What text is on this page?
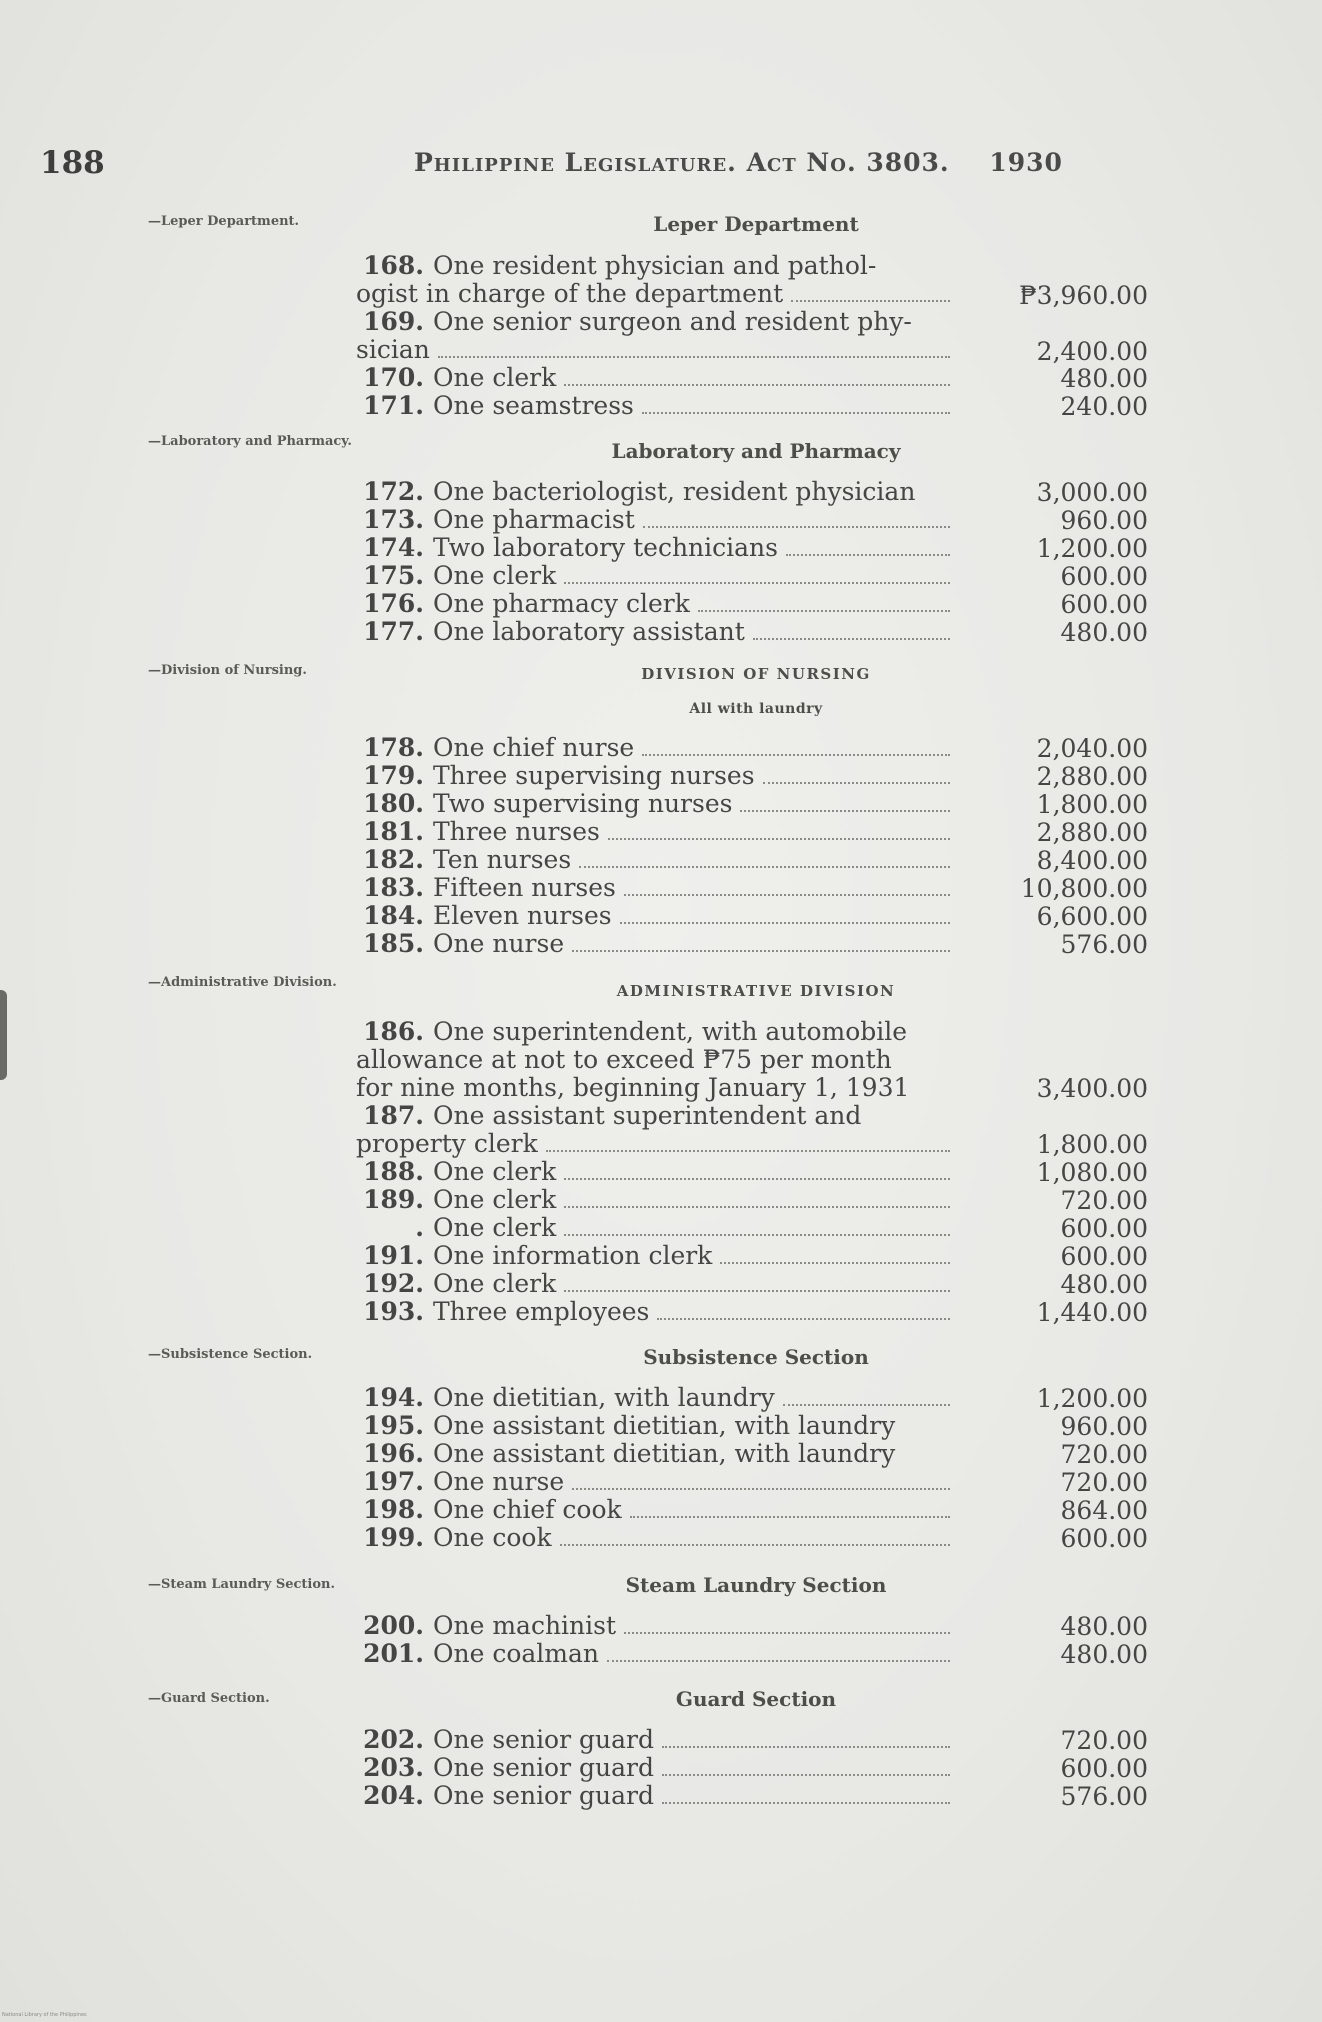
188	Philippine Legislature. Act No. 3803. 1930
—Leper Department.
—Laboratory and Pharmacy.
—Division of Nursing.
—Administrative Division.
—Subsistence Section.
—Steam Laundry Section.
—Guard Section.
Leper Department
168. One resident physician and pathol-
ogist in charge of the department	₱3,960.00
169. One senior surgeon and resident phy-
sician	2,400.00
170. One clerk	480.00
171. One seamstress	240.00
Laboratory and Pharmacy
172. One bacteriologist, resident physician	3,000.00
173. One pharmacist	960.00
174. Two laboratory technicians	1,200.00
175. One clerk	600.00
176. One pharmacy clerk	600.00
177. One laboratory assistant	480.00
DIVISION OF NURSING
All with laundry
178. One chief nurse	2,040.00
179. Three supervising nurses	2,880.00
180. Two supervising nurses	1,800.00
181. Three nurses	2,880.00
182. Ten nurses	8,400.00
183. Fifteen nurses	10,800.00
184. Eleven nurses	6,600.00
185. One nurse	576.00
ADMINISTRATIVE DIVISION
186. One superintendent, with automobile
allowance at not to exceed ₱75 per month
for nine months, beginning January 1, 1931	3,400.00
187. One assistant superintendent and
property clerk	1,800.00
188. One clerk	1,080.00
189. One clerk	720.00
. One clerk	600.00
191. One information clerk	600.00
192. One clerk	480.00
193. Three employees	1,440.00
Subsistence Section
194. One dietitian, with laundry	1,200.00
195. One assistant dietitian, with laundry	960.00
196. One assistant dietitian, with laundry	720.00
197. One nurse	720.00
198. One chief cook	864.00
199. One cook	600.00
Steam Laundry Section
200. One machinist	480.00
201. One coalman	480.00
Guard Section
202. One senior guard	720.00
203. One senior guard	600.00
204. One senior guard	576.00
National Library of the Philippines
